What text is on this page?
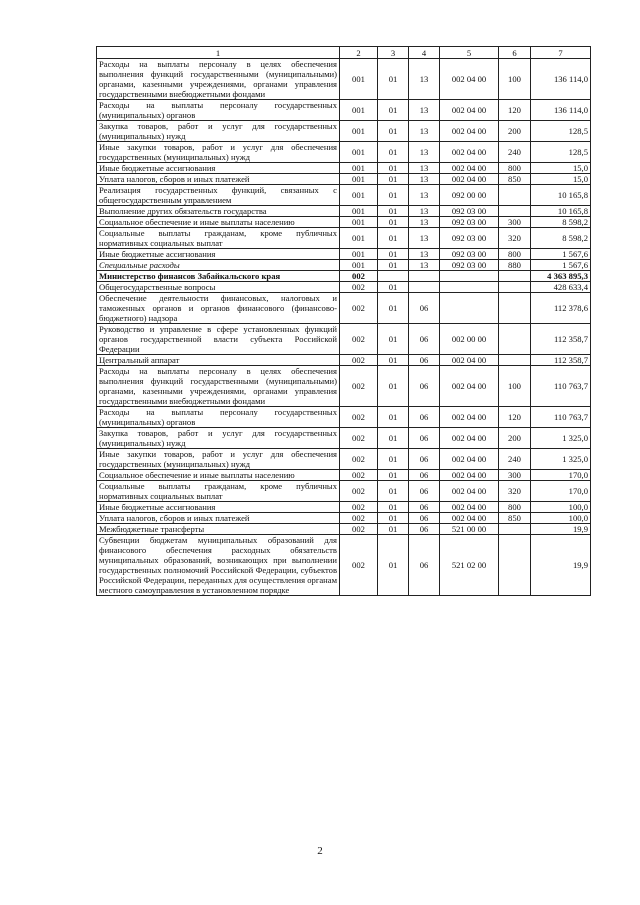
1	2	3	4	5	6	7
Расходы на выплаты персоналу в целях обеспечения выполнения функций государственными (муниципальными) органами, казенными учреждениями, органами управления государственными внебюджетными фондами	001	01	13	002 04 00	100	136 114,0
Расходы на выплаты персоналу государственных (муниципальных) органов	001	01	13	002 04 00	120	136 114,0
Закупка товаров, работ и услуг для государственных (муниципальных) нужд	001	01	13	002 04 00	200	128,5
Иные закупки товаров, работ и услуг для обеспечения государственных (муниципальных) нужд	001	01	13	002 04 00	240	128,5
Иные бюджетные ассигнования	001	01	13	002 04 00	800	15,0
Уплата налогов, сборов и иных платежей	001	01	13	002 04 00	850	15,0
Реализация государственных функций, связанных с общегосударственным управлением	001	01	13	092 00 00		10 165,8
Выполнение других обязательств государства	001	01	13	092 03 00		10 165,8
Социальное обеспечение и иные выплаты населению	001	01	13	092 03 00	300	8 598,2
Социальные выплаты гражданам, кроме публичных нормативных социальных выплат	001	01	13	092 03 00	320	8 598,2
Иные бюджетные ассигнования	001	01	13	092 03 00	800	1 567,6
Специальные расходы	001	01	13	092 03 00	880	1 567,6
Министерство финансов Забайкальского края	002					4 363 895,3
Общегосударственные вопросы	002	01				428 633,4
Обеспечение деятельности финансовых, налоговых и таможенных органов и органов финансового (финансово-бюджетного) надзора	002	01	06			112 378,6
Руководство и управление в сфере установленных функций органов государственной власти субъекта Российской Федерации	002	01	06	002 00 00		112 358,7
Центральный аппарат	002	01	06	002 04 00		112 358,7
Расходы на выплаты персоналу в целях обеспечения выполнения функций государственными (муниципальными) органами, казенными учреждениями, органами управления государственными внебюджетными фондами	002	01	06	002 04 00	100	110 763,7
Расходы на выплаты персоналу государственных (муниципальных) органов	002	01	06	002 04 00	120	110 763,7
Закупка товаров, работ и услуг для государственных (муниципальных) нужд	002	01	06	002 04 00	200	1 325,0
Иные закупки товаров, работ и услуг для обеспечения государственных (муниципальных) нужд	002	01	06	002 04 00	240	1 325,0
Социальное обеспечение и иные выплаты населению	002	01	06	002 04 00	300	170,0
Социальные выплаты гражданам, кроме публичных нормативных социальных выплат	002	01	06	002 04 00	320	170,0
Иные бюджетные ассигнования	002	01	06	002 04 00	800	100,0
Уплата налогов, сборов и иных платежей	002	01	06	002 04 00	850	100,0
Межбюджетные трансферты	002	01	06	521 00 00		19,9
Субвенции бюджетам муниципальных образований для финансового обеспечения расходных обязательств муниципальных образований, возникающих при выполнении государственных полномочий Российской Федерации, субъектов Российской Федерации, переданных для осуществления органам местного самоуправления в установленном порядке	002	01	06	521 02 00		19,9
2
